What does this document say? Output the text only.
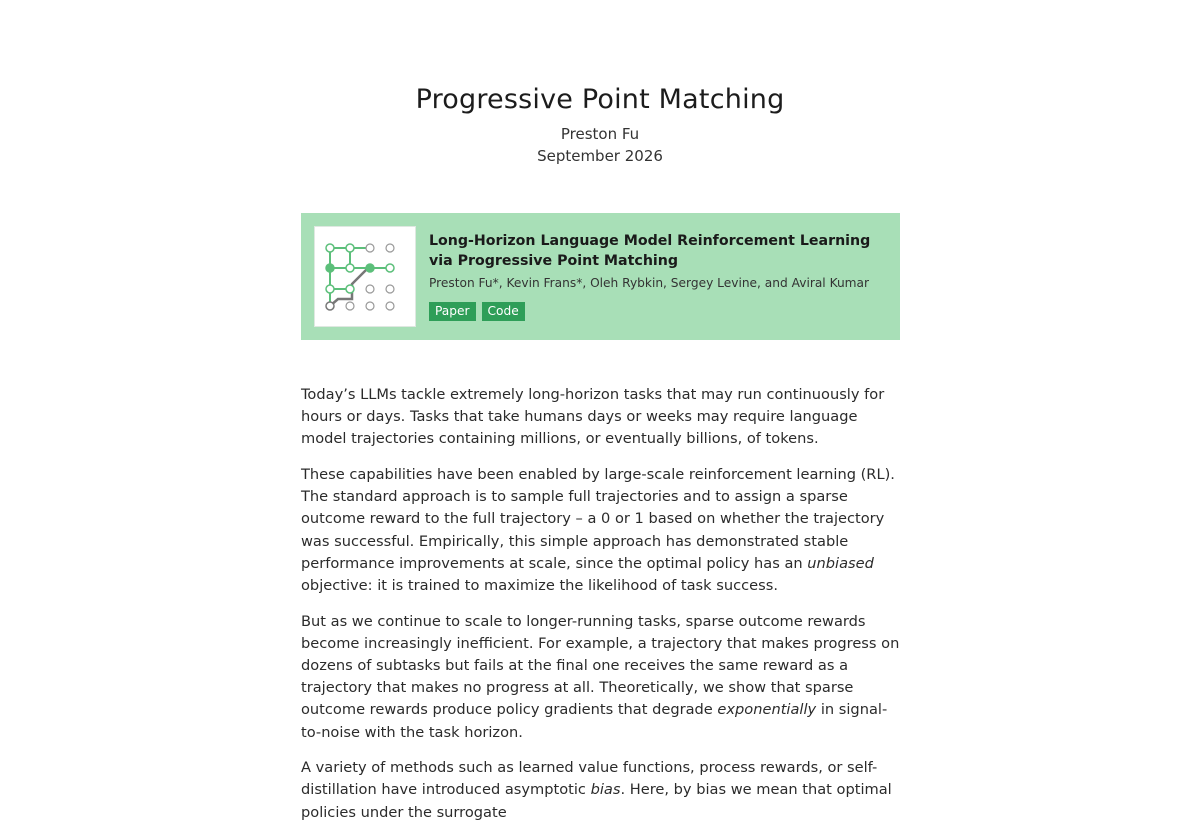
Progressive Point Matching
Preston Fu
September 2026
Long-Horizon Language Model Reinforcement Learning via Progressive Point Matching
Preston Fu*, Kevin Frans*, Oleh Rybkin, Sergey Levine, and Aviral Kumar
Paper	Code

Today’s LLMs tackle extremely long-horizon tasks that may run continuously for hours or days. Tasks that take humans days or weeks may require language model trajectories containing millions, or eventually billions, of tokens.

These capabilities have been enabled by large-scale reinforcement learning (RL). The standard approach is to sample full trajectories and to assign a sparse outcome reward to the full trajectory – a 0 or 1 based on whether the trajectory was successful. Empirically, this simple approach has demonstrated stable performance improvements at scale, since the optimal policy has an unbiased objective: it is trained to maximize the likelihood of task success.

But as we continue to scale to longer-running tasks, sparse outcome rewards become increasingly inefficient. For example, a trajectory that makes progress on dozens of subtasks but fails at the final one receives the same reward as a trajectory that makes no progress at all. Theoretically, we show that sparse outcome rewards produce policy gradients that degrade exponentially in signal-to-noise with the task horizon.

A variety of methods such as learned value functions, process rewards, or self-distillation have introduced asymptotic bias. Here, by bias we mean that optimal policies under the surrogate
